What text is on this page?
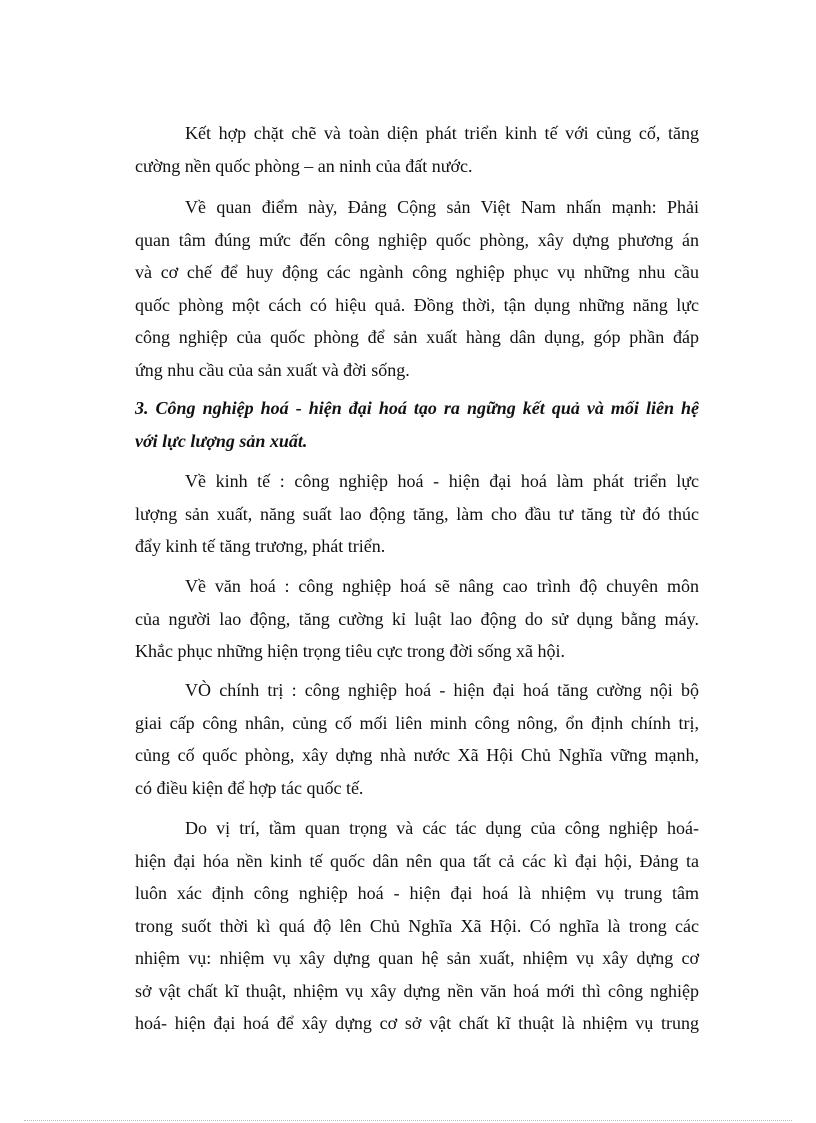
Kết hợp chặt chẽ và toàn diện phát triển kinh tế với củng cố, tăng
cường nền quốc phòng – an ninh của đất nước.
Về quan điểm này, Đảng Cộng sản Việt Nam nhấn mạnh: Phải
quan tâm đúng mức đến công nghiệp quốc phòng, xây dựng phương án
và cơ chế để huy động các ngành công nghiệp phục vụ những nhu cầu
quốc phòng một cách có hiệu quả. Đồng thời, tận dụng những năng lực
công nghiệp của quốc phòng để sản xuất hàng dân dụng, góp phần đáp
ứng nhu cầu của sản xuất và đời sống.
3. Công nghiệp hoá - hiện đại hoá tạo ra ngững kết quả và mối liên hệ
với lực lượng sản xuất.
Về kinh tế : công nghiệp hoá - hiện đại hoá làm phát triển lực
lượng sản xuất, năng suất lao động tăng, làm cho đầu tư tăng từ đó thúc
đẩy kinh tế tăng trương, phát triển.
Về văn hoá : công nghiệp hoá sẽ nâng cao trình độ chuyên môn
của người lao động, tăng cường kỉ luật lao động do sử dụng bằng máy.
Khắc phục những hiện trọng tiêu cực trong đời sống xã hội.
VÒ chính trị : công nghiệp hoá - hiện đại hoá tăng cường nội bộ
giai cấp công nhân, củng cố mối liên minh công nông, ổn định chính trị,
củng cố quốc phòng, xây dựng nhà nước Xã Hội Chủ Nghĩa vững mạnh,
có điều kiện để hợp tác quốc tế.
Do vị trí, tầm quan trọng và các tác dụng của công nghiệp hoá-
hiện đại hóa nền kinh tế quốc dân nên qua tất cả các kì đại hội, Đảng ta
luôn xác định công nghiệp hoá - hiện đại hoá là nhiệm vụ trung tâm
trong suốt thời kì quá độ lên Chủ Nghĩa Xã Hội. Có nghĩa là trong các
nhiệm vụ: nhiệm vụ xây dựng quan hệ sản xuất, nhiệm vụ xây dựng cơ
sở vật chất kĩ thuật, nhiệm vụ xây dựng nền văn hoá mới thì công nghiệp
hoá- hiện đại hoá để xây dựng cơ sở vật chất kĩ thuật là nhiệm vụ trung
